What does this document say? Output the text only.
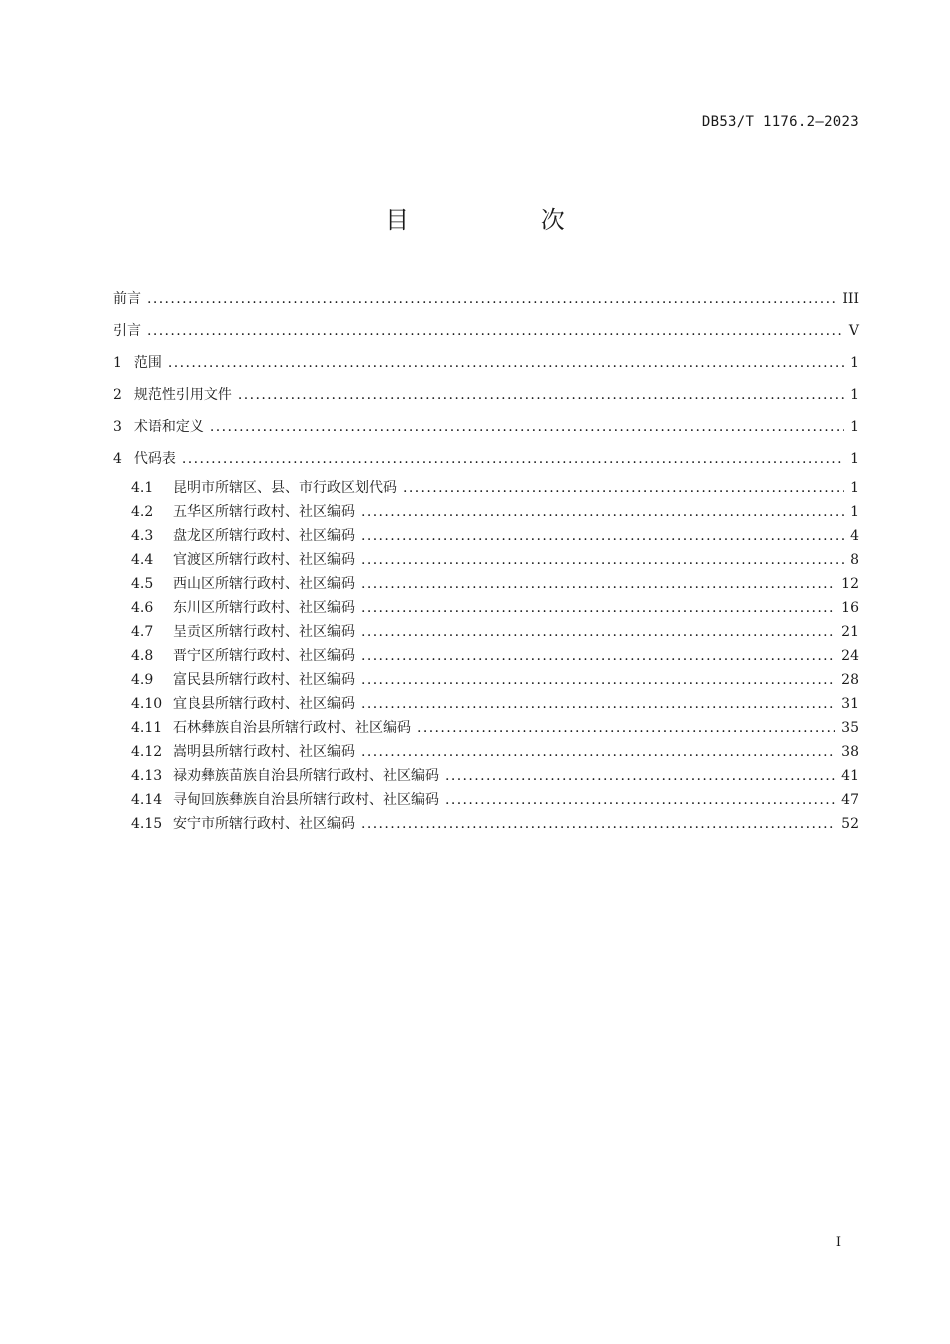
DB53/T 1176.2—2023
目 次
前言 .....	III
引言 .....	V
1 范围 .....	1
2 规范性引用文件 .....	1
3 术语和定义 .....	1
4 代码表 .....	1
4.1	昆明市所辖区、县、市行政区划代码 .....	1
4.2	五华区所辖行政村、社区编码 .....	1
4.3	盘龙区所辖行政村、社区编码 .....	4
4.4	官渡区所辖行政村、社区编码 .....	8
4.5	西山区所辖行政村、社区编码 .....	12
4.6	东川区所辖行政村、社区编码 .....	16
4.7	呈贡区所辖行政村、社区编码 .....	21
4.8	晋宁区所辖行政村、社区编码 .....	24
4.9	富民县所辖行政村、社区编码 .....	28
4.10 宜良县所辖行政村、社区编码 .....	31
4.11 石林彝族自治县所辖行政村、社区编码 .....	35
4.12 嵩明县所辖行政村、社区编码 .....	38
4.13 禄劝彝族苗族自治县所辖行政村、社区编码 .....	41
4.14 寻甸回族彝族自治县所辖行政村、社区编码 .....	47
4.15 安宁市所辖行政村、社区编码 .....	52
I
